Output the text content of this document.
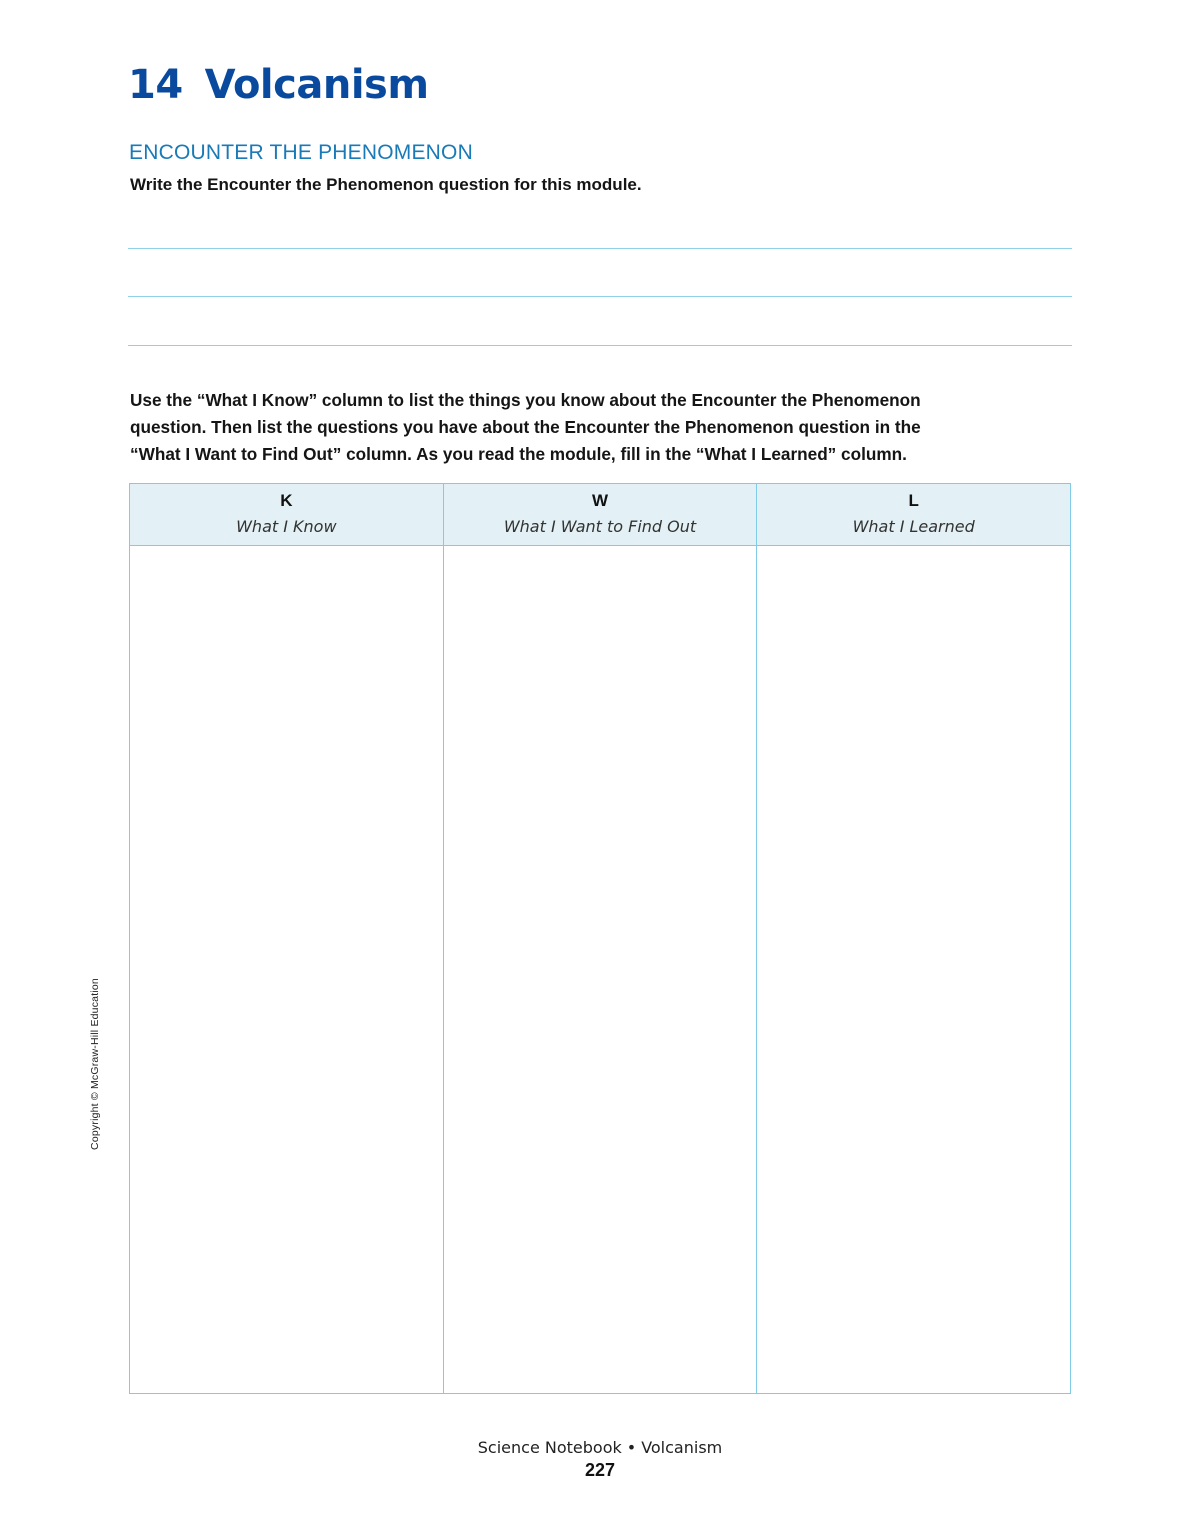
14 Volcanism
ENCOUNTER THE PHENOMENON
Write the Encounter the Phenomenon question for this module.
Use the “What I Know” column to list the things you know about the Encounter the Phenomenon
question. Then list the questions you have about the Encounter the Phenomenon question in the
“What I Want to Find Out” column. As you read the module, fill in the “What I Learned” column.
K
What I Know
W
What I Want to Find Out
L
What I Learned
Copyright © McGraw-Hill Education
Science Notebook • Volcanism
227
